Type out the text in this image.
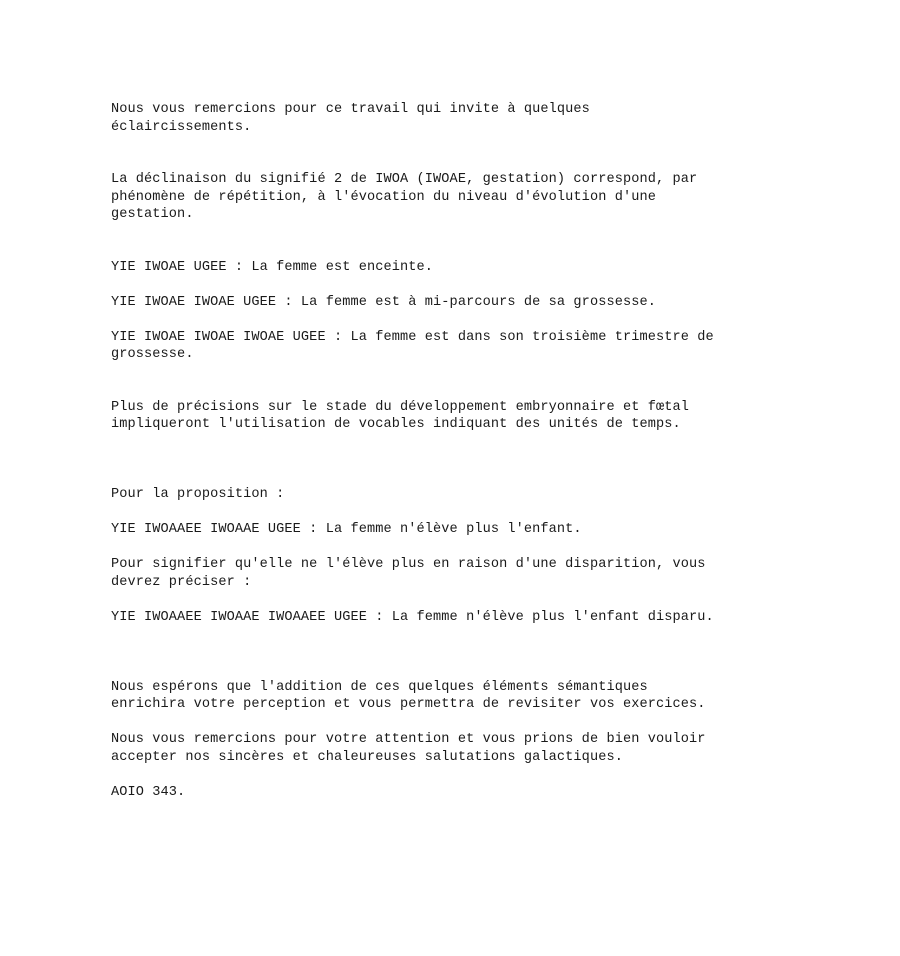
Nous vous remercions pour ce travail qui invite à quelques
éclaircissements.

La déclinaison du signifié 2 de IWOA (IWOAE, gestation) correspond, par
phénomène de répétition, à l'évocation du niveau d'évolution d'une
gestation.

YIE IWOAE UGEE : La femme est enceinte.

YIE IWOAE IWOAE UGEE : La femme est à mi-parcours de sa grossesse.

YIE IWOAE IWOAE IWOAE UGEE : La femme est dans son troisième trimestre de
grossesse.

Plus de précisions sur le stade du développement embryonnaire et fœtal
impliqueront l'utilisation de vocables indiquant des unités de temps.

Pour la proposition :

YIE IWOAAEE IWOAAE UGEE : La femme n'élève plus l'enfant.

Pour signifier qu'elle ne l'élève plus en raison d'une disparition, vous
devrez préciser :

YIE IWOAAEE IWOAAE IWOAAEE UGEE : La femme n'élève plus l'enfant disparu.

Nous espérons que l'addition de ces quelques éléments sémantiques
enrichira votre perception et vous permettra de revisiter vos exercices.

Nous vous remercions pour votre attention et vous prions de bien vouloir
accepter nos sincères et chaleureuses salutations galactiques.

AOIO 343.
